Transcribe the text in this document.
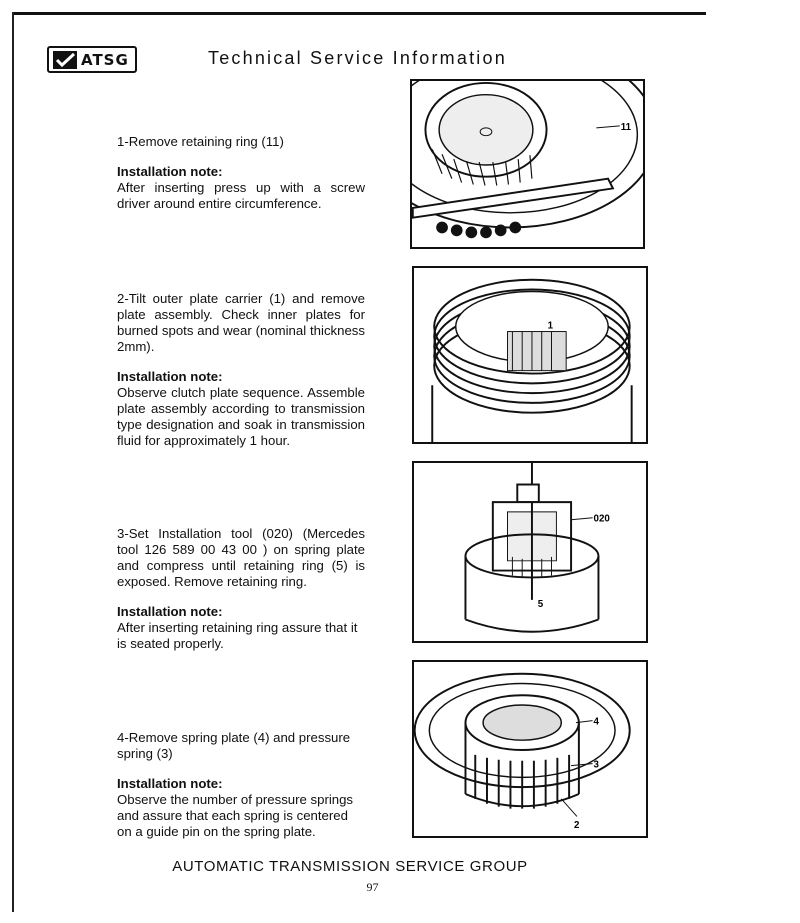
ATSG	Technical Service Information

1-Remove retaining ring (11)

Installation note:

After inserting press up with a screw driver around entire circumference.

2-Tilt outer plate carrier (1) and remove plate assembly. Check inner plates for burned spots and wear (nominal thickness 2mm).

Installation note:

Observe clutch plate sequence. Assemble plate assembly according to transmission type designation and soak in transmission fluid for approximately 1 hour.

3-Set Installation tool (020) (Mercedes tool 126 589 00 43 00 ) on spring plate and compress until retaining ring (5) is exposed. Remove retaining ring.

Installation note:

After inserting retaining ring assure that it is seated properly.

4-Remove spring plate (4) and pressure spring (3)

Installation note:

Observe the number of pressure springs and assure that each spring is centered on a guide pin on the spring plate.

11
1
020
5
4
3
2
AUTOMATIC TRANSMISSION SERVICE GROUP
97
